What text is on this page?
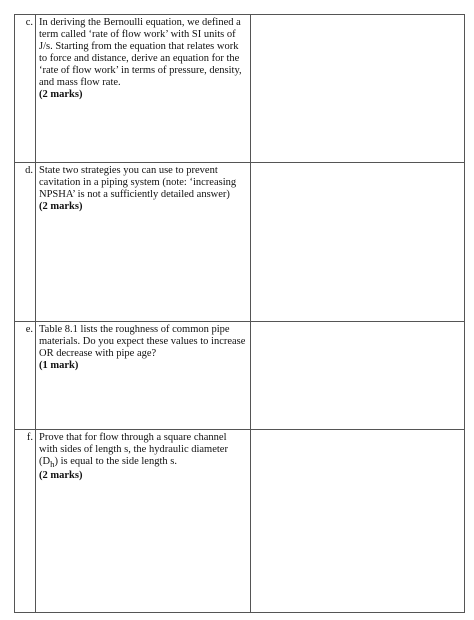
c.	In deriving the Bernoulli equation, we defined a term called ‘rate of flow work’ with SI units of J/s. Starting from the equation that relates work to force and distance, derive an equation for the ‘rate of flow work’ in terms of pressure, density, and mass flow rate.
(2 marks)	

d.	State two strategies you can use to prevent cavitation in a piping system (note: ‘increasing NPSHA’ is not a sufficiently detailed answer)
(2 marks)	

e.	Table 8.1 lists the roughness of common pipe materials. Do you expect these values to increase OR decrease with pipe age?
(1 mark)	

f.	Prove that for flow through a square channel with sides of length s, the hydraulic diameter $(D_h)$ is equal to the side length s.
(2 marks)	
